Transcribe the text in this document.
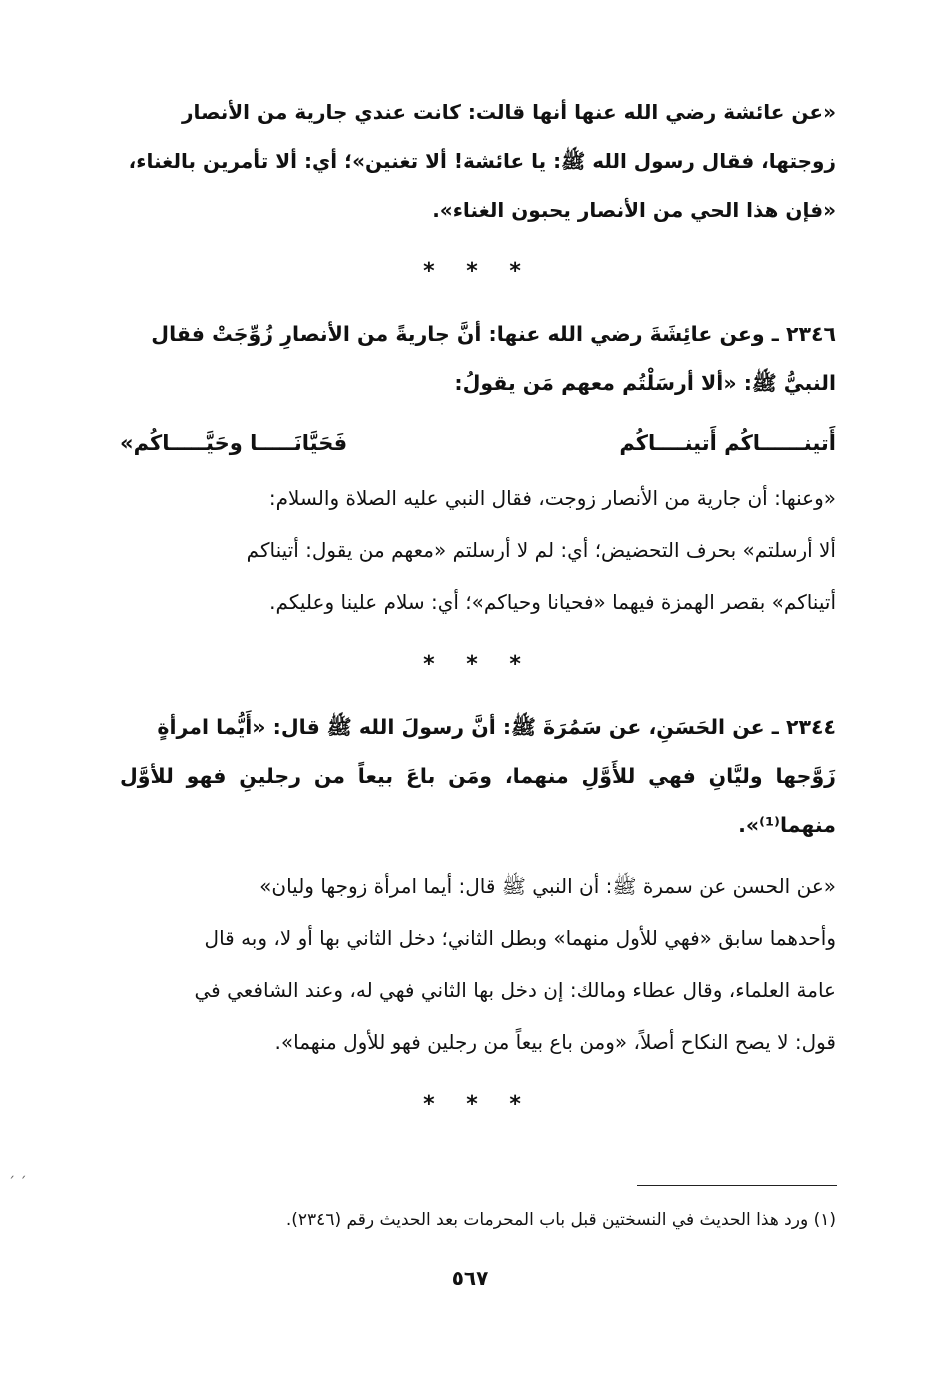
«عن عائشة رضي الله عنها أنها قالت: كانت عندي جارية من الأنصار
زوجتها، فقال رسول الله ﷺ: يا عائشة! ألا تغنين»؛ أي: ألا تأمرين بالغناء،
«فإن هذا الحي من الأنصار يحبون الغناء».
* * *
٢٣٤٦ ـ وعن عائِشَةَ رضي الله عنها: أنَّ جاريةً من الأنصارِ زُوِّجَتْ فقال
النبيُّ ﷺ: «ألا أرسَلْتُم معهم مَن يقولُ:
أَتينــــــاكُم أَتينــــاكُم
فَحَيَّانَـــــا وحَيَّـــــاكُم»
«وعنها: أن جارية من الأنصار زوجت، فقال النبي عليه الصلاة والسلام:
ألا أرسلتم» بحرف التحضيض؛ أي: لم لا أرسلتم «معهم من يقول: أتيناكم
أتيناكم» بقصر الهمزة فيهما «فحيانا وحياكم»؛ أي: سلام علينا وعليكم.
* * *
٢٣٤٤ ـ عن الحَسَنِ، عن سَمُرَةَ ﷺ: أنَّ رسولَ الله ﷺ قال: «أَيُّما امرأةٍ
زَوَّجها وليَّانِ فهي للأَوَّلِ منهما، ومَن باعَ بيعاً من رجلينِ فهو للأوَّل منهما⁽¹⁾».
«عن الحسن عن سمرة ﷺ: أن النبي ﷺ قال: أيما امرأة زوجها وليان»
وأحدهما سابق «فهي للأول منهما» وبطل الثاني؛ دخل الثاني بها أو لا، وبه قال
عامة العلماء، وقال عطاء ومالك: إن دخل بها الثاني فهي له، وعند الشافعي في
قول: لا يصح النكاح أصلاً، «ومن باع بيعاً من رجلين فهو للأول منهما».
* * *
ˏ ˏ
(١) ورد هذا الحديث في النسختين قبل باب المحرمات بعد الحديث رقم (٢٣٤٦).
٥٦٧
